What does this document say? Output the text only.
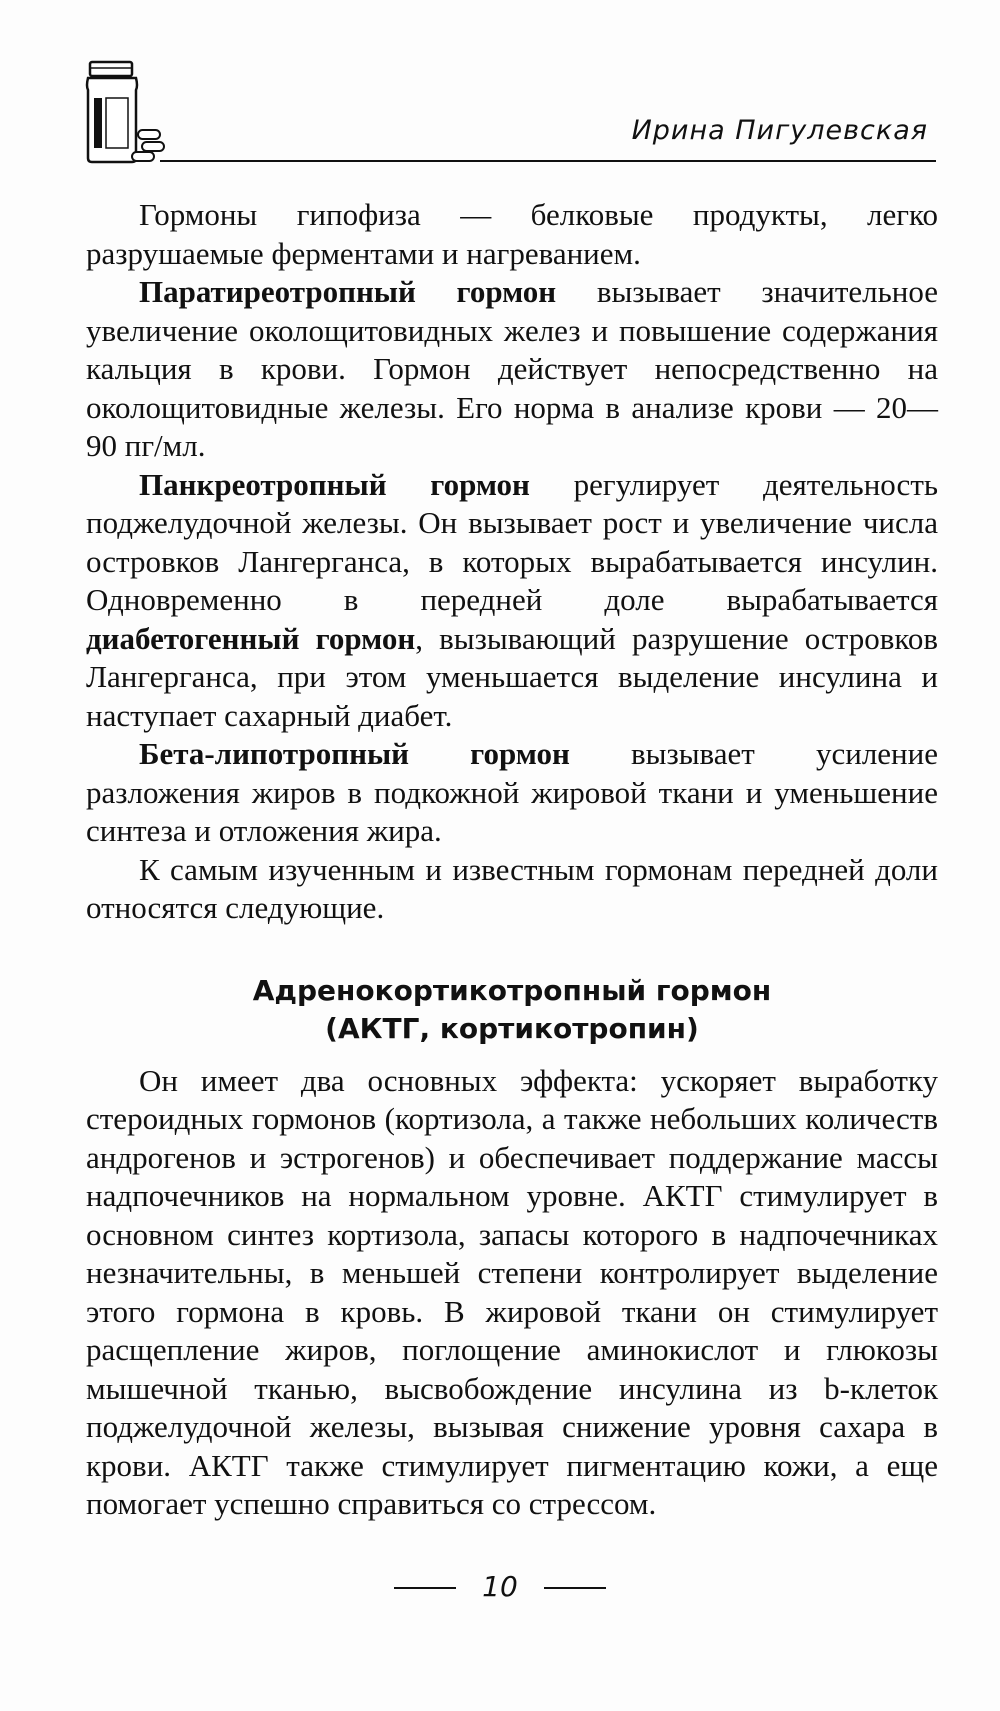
Ирина Пигулевская

Гормоны гипофиза — белковые продукты, легко разрушаемые ферментами и нагреванием.

Паратиреотропный гормон вызывает значительное увеличение околощитовидных желез и повышение содержания кальция в крови. Гормон действует непосредственно на околощитовидные железы. Его норма в анализе крови — 20—90 пг/мл.

Панкреотропный гормон регулирует деятельность поджелудочной железы. Он вызывает рост и увеличение числа островков Лангерганса, в которых вырабатывается инсулин. Одновременно в передней доле вырабатывается диабетогенный гормон, вызывающий разрушение островков Лангерганса, при этом уменьшается выделение инсулина и наступает сахарный диабет.

Бета-липотропный гормон вызывает усиление разложения жиров в подкожной жировой ткани и уменьшение синтеза и отложения жира.

К самым изученным и известным гормонам передней доли относятся следующие.

Адренокортикотропный гормон
(АКТГ, кортикотропин)

Он имеет два основных эффекта: ускоряет выработку стероидных гормонов (кортизола, а также небольших количеств андрогенов и эстрогенов) и обеспечивает поддержание массы надпочечников на нормальном уровне. АКТГ стимулирует в основном синтез кортизола, запасы которого в надпочечниках незначительны, в меньшей степени контролирует выделение этого гормона в кровь. В жировой ткани он стимулирует расщепление жиров, поглощение аминокислот и глюкозы мышечной тканью, высвобождение инсулина из b-клеток поджелудочной железы, вызывая снижение уровня сахара в крови. АКТГ также стимулирует пигментацию кожи, а еще помогает успешно справиться со стрессом.

10
